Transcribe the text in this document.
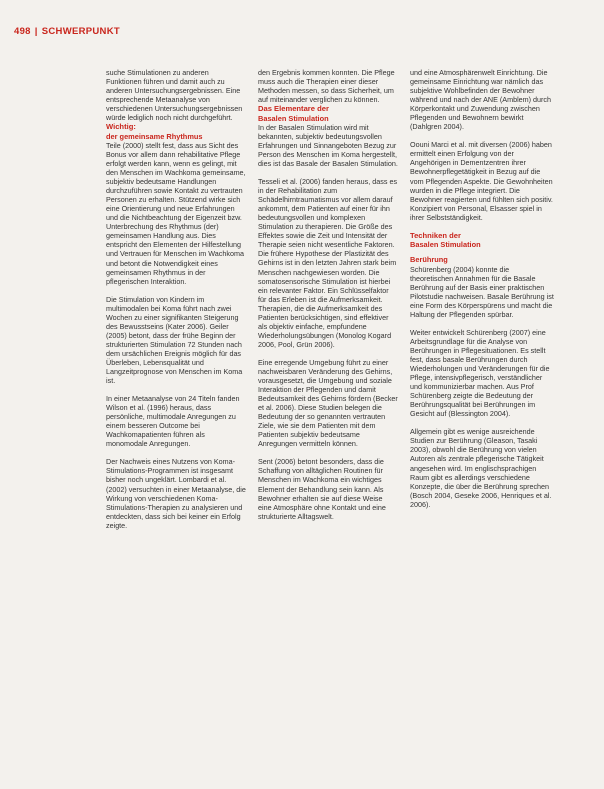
498 | SCHWERPUNKT

suche Stimulationen zu anderen Funktionen führen und damit auch zu anderen Untersuchungsergebnissen. Eine entsprechende Metaanalyse von verschiedenen Untersuchungsergebnissen würde lediglich noch nicht durchgeführt.

Wichtig:

der gemeinsame Rhythmus

Teile (2000) stellt fest, dass aus Sicht des Bonus vor allem dann rehabilitative Pflege erfolgt werden kann, wenn es gelingt, mit den Menschen im Wachkoma gemeinsame, subjektiv bedeutsame Handlungen durchzuführen sowie Kontakt zu vertrauten Personen zu erhalten. Stützend wirke sich eine Orientierung und neue Erfahrungen und die Nichtbeachtung der Eigenzeit bzw. Unterbrechung des Rhythmus (der) gemeinsamen Handlung aus. Dies entspricht den Elementen der Hilfestellung und Vertrauen für Menschen im Wachkoma und betont die Notwendigkeit eines gemeinsamen Rhythmus in der pflegerischen Interaktion.

Die Stimulation von Kindern im multimodalen bei Koma führt nach zwei Wochen zu einer signifikanten Steigerung des Bewusstseins (Kater 2006). Geiler (2005) betont, dass der frühe Beginn der strukturierten Stimulation 72 Stunden nach dem ursächlichen Ereignis möglich für das Überleben, Lebensqualität und Langzeitprognose von Menschen im Koma ist.

In einer Metaanalyse von 24 Titeln fanden Wilson et al. (1996) heraus, dass persönliche, multimodale Anregungen zu einem besseren Outcome bei Wachkomapatienten führen als monomodale Anregungen.

Der Nachweis eines Nutzens von Koma-Stimulations-Programmen ist insgesamt bisher noch ungeklärt. Lombardi et al. (2002) versuchten in einer Metaanalyse, die Wirkung von verschiedenen Koma-Stimulations-Therapien zu analysieren und entdeckten, dass sich bei keiner ein Erfolg zeigte.

den Ergebnis kommen konnten. Die Pflege muss auch die Therapien einer dieser Methoden messen, so dass Sicherheit, um auf miteinander verglichen zu können.

Das Elementare der

Basalen Stimulation

In der Basalen Stimulation wird mit bekannten, subjektiv bedeutungsvollen Erfahrungen und Sinnangeboten Bezug zur Person des Menschen im Koma hergestellt, dies ist das Basale der Basalen Stimulation.

Tesseli et al. (2006) fanden heraus, dass es in der Rehabilitation zum Schädelhirntraumatismus vor allem darauf ankommt, dem Patienten auf einer für ihn bedeutungsvollen und komplexen Stimulation zu therapieren. Die Größe des Effektes sowie die Zeit und Intensität der Therapie seien nicht wesentliche Faktoren. Die frühere Hypothese der Plastizität des Gehirns ist in den letzten Jahren stark beim Menschen nachgewiesen worden. Die somatosensorische Stimulation ist hierbei ein relevanter Faktor. Ein Schlüsselfaktor für das Erleben ist die Aufmerksamkeit. Therapien, die die Aufmerksamkeit des Patienten berücksichtigen, sind effektiver als objektiv einfache, empfundene Wiederholungsübungen (Monolog Kogard 2006, Pool, Grün 2006).

Eine erregende Umgebung führt zu einer nachweisbaren Veränderung des Gehirns, vorausgesetzt, die Umgebung und soziale Interaktion der Pflegenden und damit Bedeutsamkeit des Gehirns fördern (Becker et al. 2006). Diese Studien belegen die Bedeutung der so genannten vertrauten Ziele, wie sie dem Patienten mit dem Patienten subjektiv bedeutsame Anregungen vermitteln können.

Sent (2006) betont besonders, dass die Schaffung von alltäglichen Routinen für Menschen im Wachkoma ein wichtiges Element der Behandlung sein kann. Als Bewohner erhalten sie auf diese Weise eine Atmosphäre ohne Kontakt und eine strukturierte Alltagswelt.

und eine Atmosphärenwelt Einrichtung. Die gemeinsame Einrichtung war nämlich das subjektive Wohlbefinden der Bewohner während und nach der ANE (Amblem) durch Körperkontakt und Zuwendung zwischen Pflegenden und Bewohnern bewirkt (Dahlgren 2004).

Oouni Marci et al. mit diversen (2006) haben ermittelt einen Erfolgung von der Angehörigen in Dementzentren ihrer Bewohnerpflegetätigkeit in Bezug auf die vom Pflegenden Aspekte. Die Gewohnheiten wurden in die Pflege integriert. Die Bewohner reagierten und fühlten sich positiv. Konzipiert von Personal, Elsasser spiel in ihrer Selbstständigkeit.

Techniken der

Basalen Stimulation

Berührung

Schürenberg (2004) konnte die theoretischen Annahmen für die Basale Berührung auf der Basis einer praktischen Pilotstudie nachweisen. Basale Berührung ist eine Form des Körperspürens und macht die Haltung der Pflegenden spürbar.

Weiter entwickelt Schürenberg (2007) eine Arbeitsgrundlage für die Analyse von Berührungen in Pflegesituationen. Es stellt fest, dass basale Berührungen durch Wiederholungen und Veränderungen für die Pflege, intensivpflegerisch, verständlicher und kommunizierbar machen. Aus Prof Schürenberg zeigte die Bedeutung der Berührungsqualität bei Berührungen im Gesicht auf (Blessington 2004).

Allgemein gibt es wenige ausreichende Studien zur Berührung (Gleason, Tasaki 2003), obwohl die Berührung von vielen Autoren als zentrale pflegerische Tätigkeit angesehen wird. Im englischsprachigen Raum gibt es allerdings verschiedene Konzepte, die über die Berührung sprechen (Bosch 2004, Geseke 2006, Henriques et al. 2006).
